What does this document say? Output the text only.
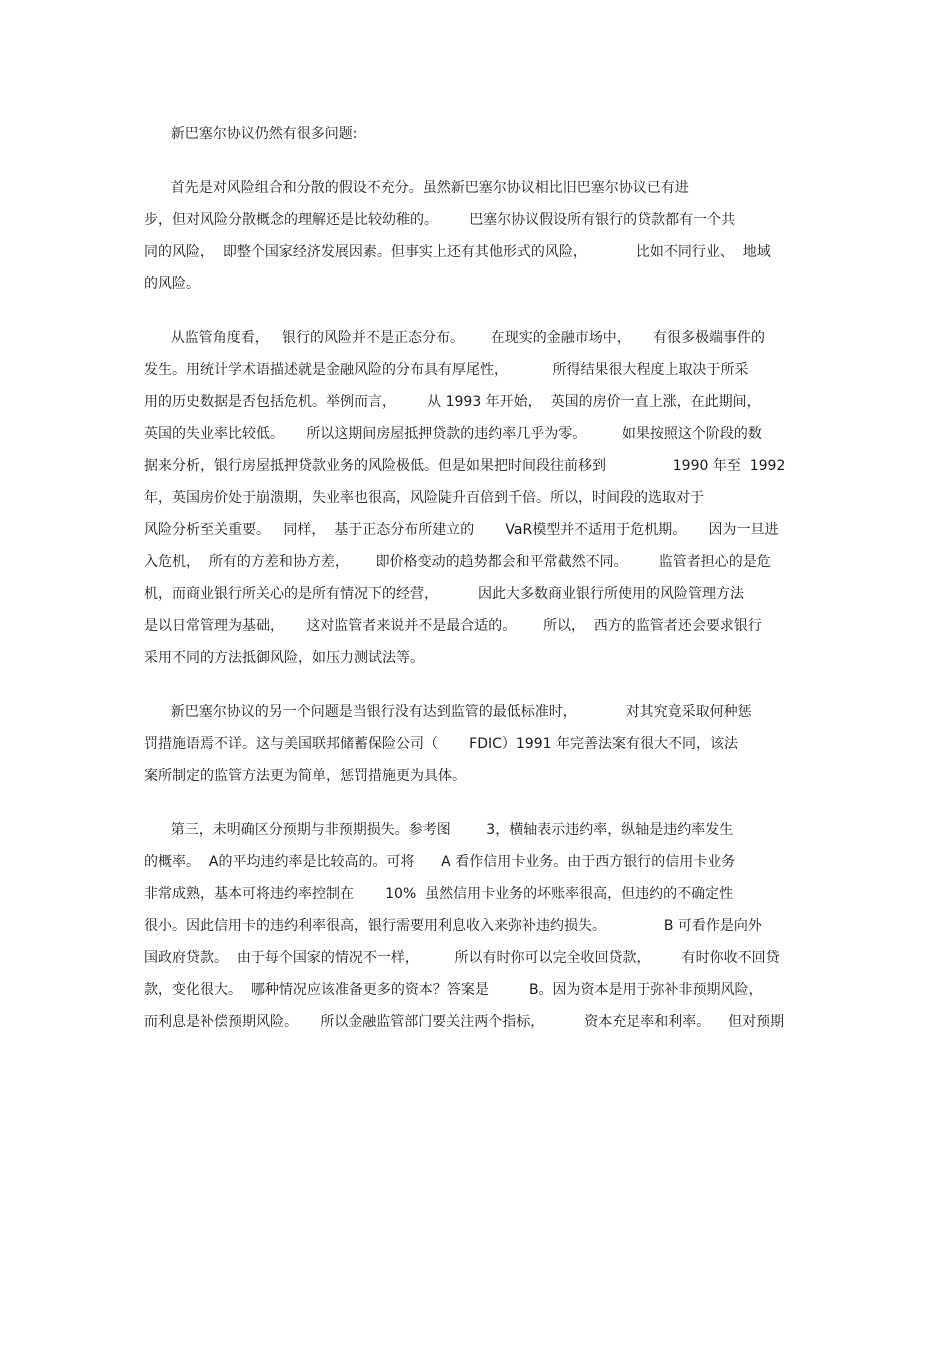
新巴塞尔协议仍然有很多问题:
首先是对风险组合和分散的假设不充分。虽然新巴塞尔协议相比旧巴塞尔协议已有进
步，但对风险分散概念的理解还是比较幼稚的。       巴塞尔协议假设所有银行的贷款都有一个共
同的风险，  即整个国家经济发展因素。但事实上还有其他形式的风险，           比如不同行业、  地域
的风险。
从监管角度看，   银行的风险并不是正态分布。      在现实的金融市场中，     有很多极端事件的
发生。用统计学术语描述就是金融风险的分布具有厚尾性，          所得结果很大程度上取决于所采
用的历史数据是否包括危机。举例而言，       从 1993 年开始，  英国的房价一直上涨，在此期间，
英国的失业率比较低。     所以这期间房屋抵押贷款的违约率几乎为零。        如果按照这个阶段的数
据来分析，银行房屋抵押贷款业务的风险极低。但是如果把时间段往前移到               1990 年至  1992
年，英国房价处于崩溃期，失业率也很高，风险陡升百倍到千倍。所以，时间段的选取对于
风险分析至关重要。   同样，  基于正态分布所建立的       VaR模型并不适用于危机期。     因为一旦进
入危机，  所有的方差和协方差，      即价格变动的趋势都会和平常截然不同。       监管者担心的是危
机，而商业银行所关心的是所有情况下的经营，         因此大多数商业银行所使用的风险管理方法
是以日常管理为基础，     这对监管者来说并不是最合适的。      所以，  西方的监管者还会要求银行
采用不同的方法抵御风险，如压力测试法等。
新巴塞尔协议的另一个问题是当银行没有达到监管的最低标准时，           对其究竟采取何种惩
罚措施语焉不详。这与美国联邦储蓄保险公司（       FDIC）1991 年完善法案有很大不同，该法
案所制定的监管方法更为简单，惩罚措施更为具体。
第三，未明确区分预期与非预期损失。参考图        3，横轴表示违约率，纵轴是违约率发生
的概率。  A的平均违约率是比较高的。可将      A 看作信用卡业务。由于西方银行的信用卡业务
非常成熟，基本可将违约率控制在       10%  虽然信用卡业务的坏账率很高，但违约的不确定性
很小。因此信用卡的违约利率很高，银行需要用利息收入来弥补违约损失。             B 可看作是向外
国政府贷款。  由于每个国家的情况不一样，        所以有时你可以完全收回贷款，       有时你收不回贷
款，变化很大。  哪种情况应该准备更多的资本？答案是         B。因为资本是用于弥补非预期风险，
而利息是补偿预期风险。     所以金融监管部门要关注两个指标，         资本充足率和利率。    但对预期
